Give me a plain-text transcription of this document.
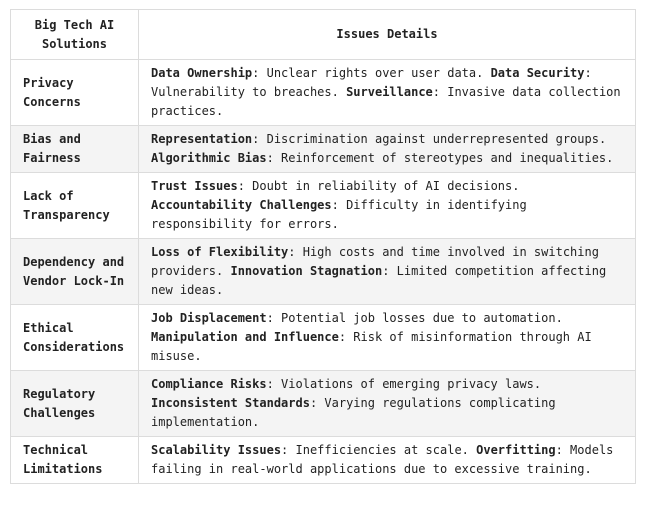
Big Tech AI Solutions	Issues Details
Privacy Concerns	Data Ownership: Unclear rights over user data. Data Security: Vulnerability to breaches. Surveillance: Invasive data collection practices.
Bias and Fairness	Representation: Discrimination against underrepresented groups. Algorithmic Bias: Reinforcement of stereotypes and inequalities.
Lack of Transparency	Trust Issues: Doubt in reliability of AI decisions. Accountability Challenges: Difficulty in identifying responsibility for errors.
Dependency and Vendor Lock-In	Loss of Flexibility: High costs and time involved in switching providers. Innovation Stagnation: Limited competition affecting new ideas.
Ethical Considerations	Job Displacement: Potential job losses due to automation. Manipulation and Influence: Risk of misinformation through AI misuse.
Regulatory Challenges	Compliance Risks: Violations of emerging privacy laws. Inconsistent Standards: Varying regulations complicating implementation.
Technical Limitations	Scalability Issues: Inefficiencies at scale. Overfitting: Models failing in real-world applications due to excessive training.
